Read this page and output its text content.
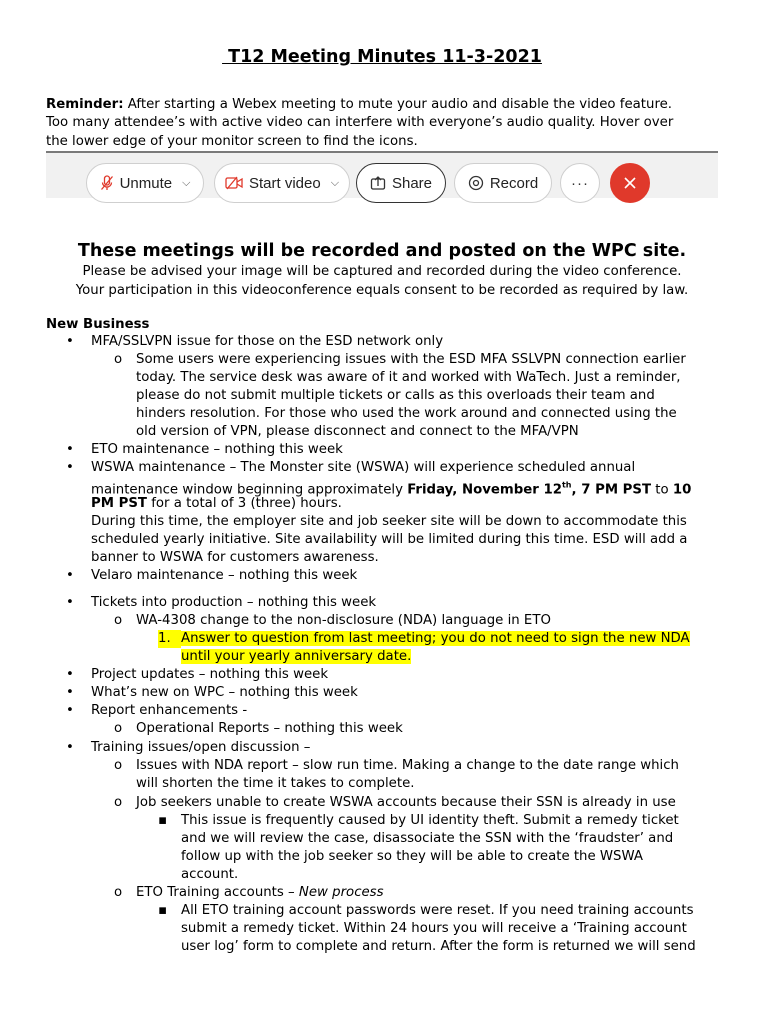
T12 Meeting Minutes 11-3-2021
Reminder: After starting a Webex meeting to mute your audio and disable the video feature.
Too many attendee’s with active video can interfere with everyone’s audio quality. Hover over
the lower edge of your monitor screen to find the icons.
Unmute ⌵	Start video ⌵	Share	Record ···
These meetings will be recorded and posted on the WPC site.
Please be advised your image will be captured and recorded during the video conference.
Your participation in this videoconference equals consent to be recorded as required by law.
New Business
•	MFA/SSLVPN issue for those on the ESD network only
o	Some users were experiencing issues with the ESD MFA SSLVPN connection earlier
today. The service desk was aware of it and worked with WaTech. Just a reminder,
please do not submit multiple tickets or calls as this overloads their team and
hinders resolution. For those who used the work around and connected using the
old version of VPN, please disconnect and connect to the MFA/VPN
•	ETO maintenance – nothing this week
•	WSWA maintenance – The Monster site (WSWA) will experience scheduled annual
maintenance window beginning approximately Friday, November 12th, 7 PM PST to 10
PM PST for a total of 3 (three) hours.
During this time, the employer site and job seeker site will be down to accommodate this
scheduled yearly initiative. Site availability will be limited during this time. ESD will add a
banner to WSWA for customers awareness.
•	Velaro maintenance – nothing this week
•	Tickets into production – nothing this week
o	WA-4308 change to the non-disclosure (NDA) language in ETO
1. Answer to question from last meeting; you do not need to sign the new NDA
until your yearly anniversary date.
•	Project updates – nothing this week
•	What’s new on WPC – nothing this week
•	Report enhancements -
o	Operational Reports – nothing this week
•	Training issues/open discussion –
o	Issues with NDA report – slow run time. Making a change to the date range which
will shorten the time it takes to complete.
o	Job seekers unable to create WSWA accounts because their SSN is already in use
▪	This issue is frequently caused by UI identity theft. Submit a remedy ticket
and we will review the case, disassociate the SSN with the ‘fraudster’ and
follow up with the job seeker so they will be able to create the WSWA
account.
o	ETO Training accounts – New process
▪	All ETO training account passwords were reset. If you need training accounts
submit a remedy ticket. Within 24 hours you will receive a ‘Training account
user log’ form to complete and return. After the form is returned we will send
